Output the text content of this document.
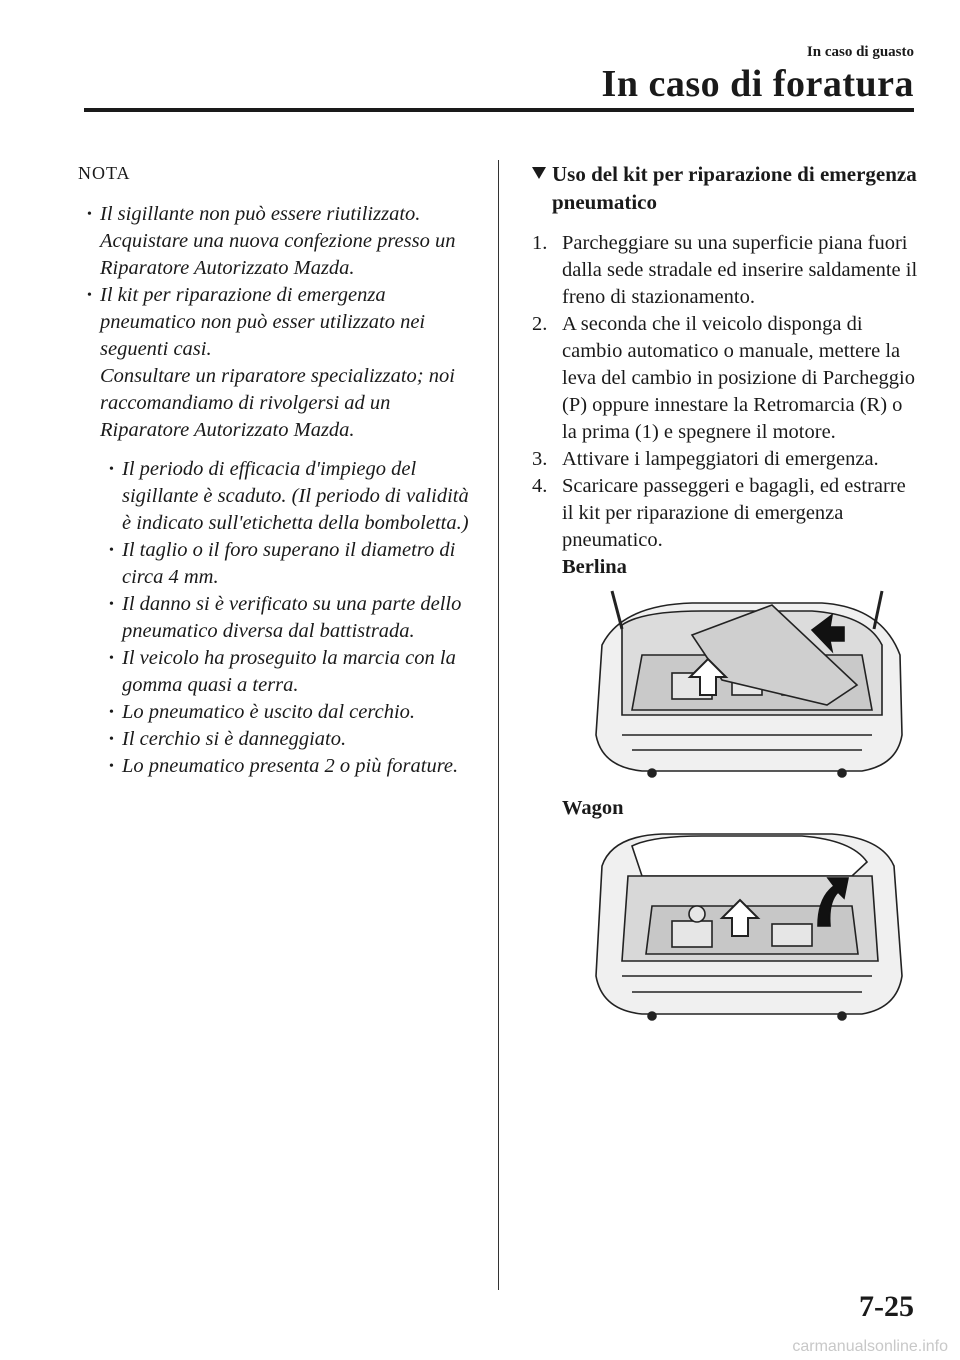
In caso di guasto
In caso di foratura
NOTA
• Il sigillante non può essere riutilizzato. Acquistare una nuova confezione presso un Riparatore Autorizzato Mazda.
• Il kit per riparazione di emergenza pneumatico non può esser utilizzato nei seguenti casi.
Consultare un riparatore specializzato; noi raccomandiamo di rivolgersi ad un Riparatore Autorizzato Mazda.
• Il periodo di efficacia d'impiego del sigillante è scaduto. (Il periodo di validità è indicato sull'etichetta della bomboletta.)
• Il taglio o il foro superano il diametro di circa 4 mm.
• Il danno si è verificato su una parte dello pneumatico diversa dal battistrada.
• Il veicolo ha proseguito la marcia con la gomma quasi a terra.
• Lo pneumatico è uscito dal cerchio.
• Il cerchio si è danneggiato.
• Lo pneumatico presenta 2 o più forature.
Uso del kit per riparazione di emergenza pneumatico
1. Parcheggiare su una superficie piana fuori dalla sede stradale ed inserire saldamente il freno di stazionamento.
2. A seconda che il veicolo disponga di cambio automatico o manuale, mettere la leva del cambio in posizione di Parcheggio (P) oppure innestare la Retromarcia (R) o la prima (1) e spegnere il motore.
3. Attivare i lampeggiatori di emergenza.
4. Scaricare passeggeri e bagagli, ed estrarre il kit per riparazione di emergenza pneumatico.
Berlina
Wagon
7-25
carmanualsonline.info
